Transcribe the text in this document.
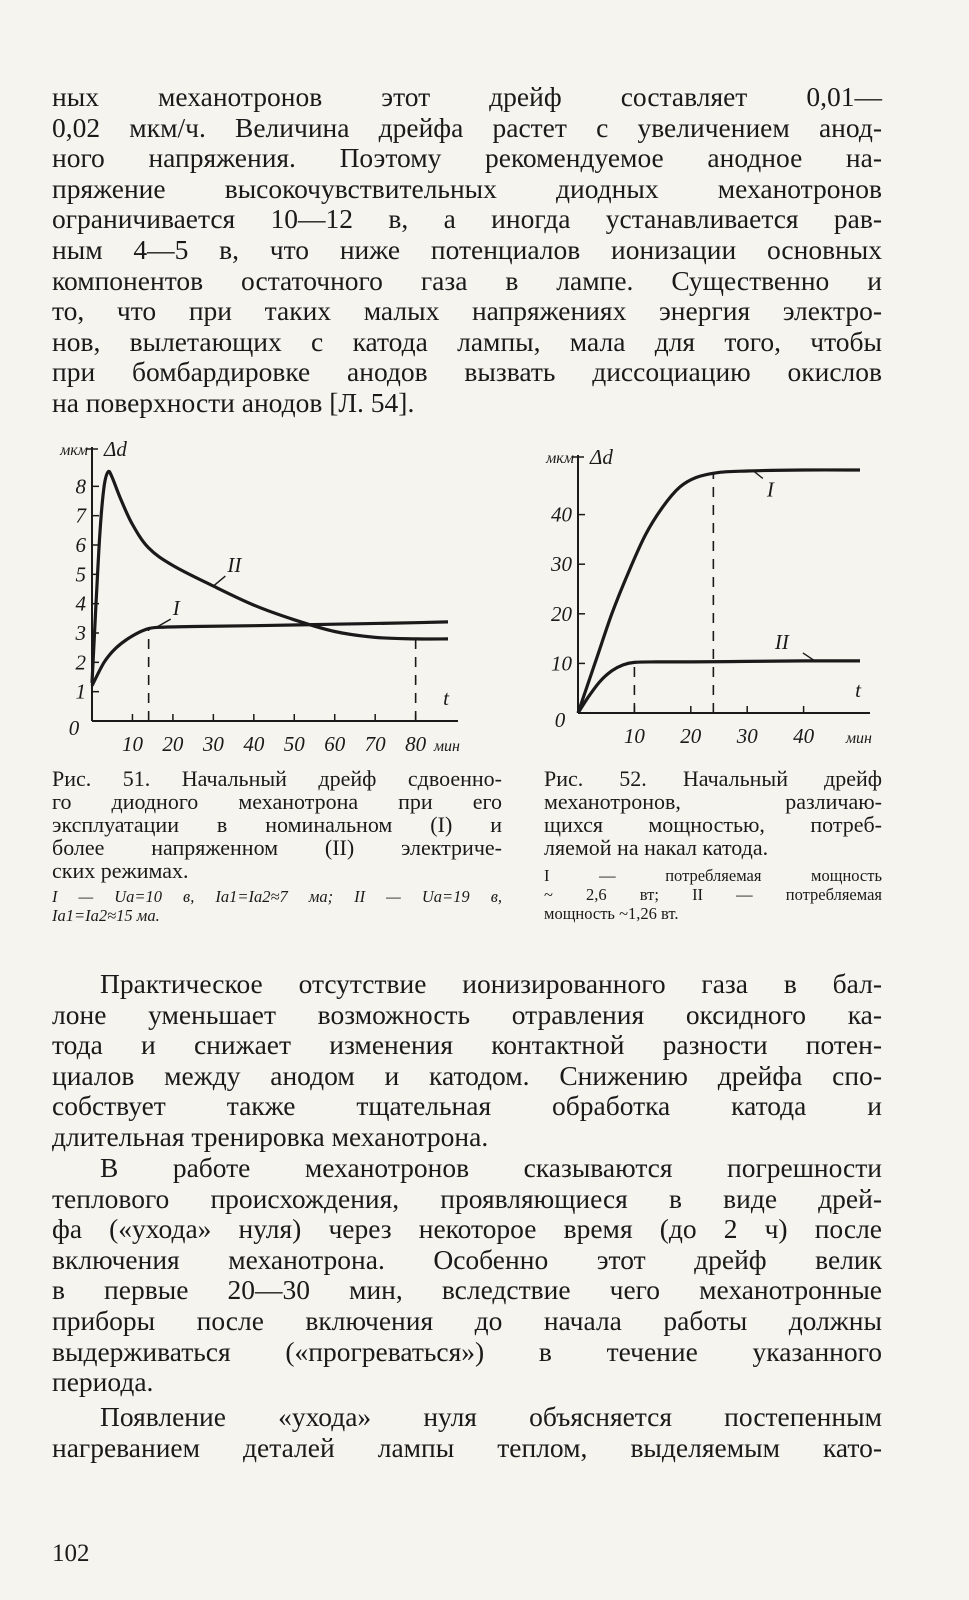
ных механотронов этот дрейф составляет 0,01—
0,02 мкм/ч. Величина дрейфа растет с увеличением анод-
ного напряжения. Поэтому рекомендуемое анодное на-
пряжение высокочувствительных диодных механотронов
ограничивается 10—12 в, а иногда устанавливается рав-
ным 4—5 в, что ниже потенциалов ионизации основных
компонентов остаточного газа в лампе. Существенно и
то, что при таких малых напряжениях энергия электро-
нов, вылетающих с катода лампы, мала для того, чтобы
при бомбардировке анодов вызвать диссоциацию окислов
на поверхности анодов [Л. 54].
1
2
3
4
5
6
7
8
10 20 30 40 50 60 70 80
0
мкм Δd
t
мин
I
II
10
20
30
40
10 20 30 40
0
мкм Δd
t
мин
I
II
Рис. 51. Начальный дрейф сдвоенно-
го диодного механотрона при его
эксплуатации в номинальном (I) и
более напряженном (II) электриче-
ских режимах.
I — Uа=10 в, Iа1=Iа2≈7 ма; II — Uа=19 в,
Iа1=Iа2≈15 ма.
Рис. 52. Начальный дрейф
механотронов, различаю-
щихся мощностью, потреб-
ляемой на накал катода.
I — потребляемая мощность
~ 2,6 вт; II — потребляемая
мощность ~1,26 вт.
Практическое отсутствие ионизированного газа в бал-
лоне уменьшает возможность отравления оксидного ка-
тода и снижает изменения контактной разности потен-
циалов между анодом и катодом. Снижению дрейфа спо-
собствует также тщательная обработка катода и
длительная тренировка механотрона.
В работе механотронов сказываются погрешности
теплового происхождения, проявляющиеся в виде дрей-
фа («ухода» нуля) через некоторое время (до 2 ч) после
включения механотрона. Особенно этот дрейф велик
в первые 20—30 мин, вследствие чего механотронные
приборы после включения до начала работы должны
выдерживаться («прогреваться») в течение указанного
периода.
Появление «ухода» нуля объясняется постепенным
нагреванием деталей лампы теплом, выделяемым като-
102
